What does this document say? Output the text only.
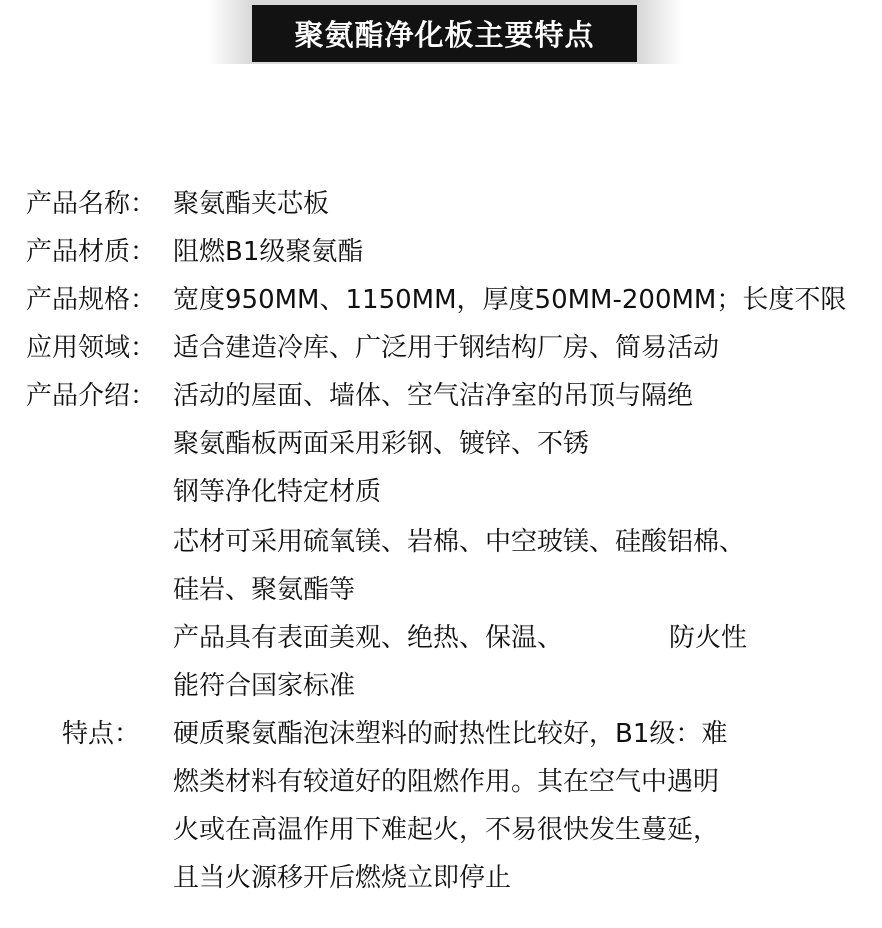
聚氨酯净化板主要特点
产品名称： 聚氨酯夹芯板
产品材质： 阻燃B1级聚氨酯
产品规格： 宽度950MM、1150MM，厚度50MM-200MM；长度不限
应用领域： 适合建造冷库、广泛用于钢结构厂房、简易活动
产品介绍： 活动的屋面、墙体、空气洁净室的吊顶与隔绝
聚氨酯板两面采用彩钢、镀锌、不锈
钢等净化特定材质
芯材可采用硫氧镁、岩棉、中空玻镁、硅酸铝棉、
硅岩、聚氨酯等
产品具有表面美观、绝热、保温、	防火性
能符合国家标准
特点： 硬质聚氨酯泡沫塑料的耐热性比较好，B1级：难
燃类材料有较道好的阻燃作用。其在空气中遇明
火或在高温作用下难起火，不易很快发生蔓延，
且当火源移开后燃烧立即停止
